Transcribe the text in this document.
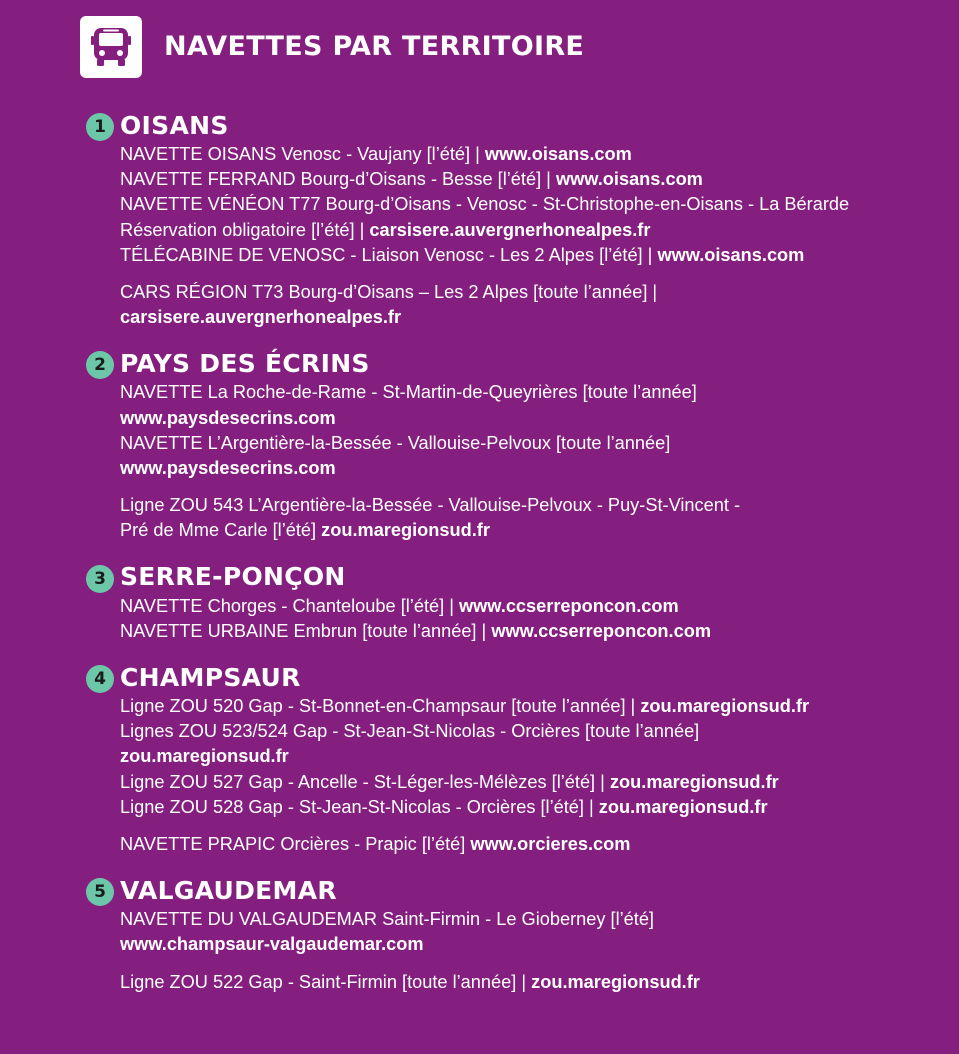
NAVETTES PAR TERRITOIRE
1 OISANS
NAVETTE OISANS Venosc - Vaujany [l’été] | www.oisans.com
NAVETTE FERRAND Bourg-d’Oisans - Besse [l’été] | www.oisans.com
NAVETTE VÉNÉON T77 Bourg-d’Oisans - Venosc - St-Christophe-en-Oisans - La Bérarde
Réservation obligatoire [l’été] | carsisere.auvergnerhonealpes.fr
TÉLÉCABINE DE VENOSC - Liaison Venosc - Les 2 Alpes [l’été] | www.oisans.com
CARS RÉGION T73 Bourg-d’Oisans – Les 2 Alpes [toute l’année] |
carsisere.auvergnerhonealpes.fr
2 PAYS DES ÉCRINS
NAVETTE La Roche-de-Rame - St-Martin-de-Queyrières [toute l’année]
www.paysdesecrins.com
NAVETTE L’Argentière-la-Bessée - Vallouise-Pelvoux [toute l’année]
www.paysdesecrins.com
Ligne ZOU 543 L’Argentière-la-Bessée - Vallouise-Pelvoux - Puy-St-Vincent -
Pré de Mme Carle [l’été] zou.maregionsud.fr
3 SERRE-PONÇON
NAVETTE Chorges - Chanteloube [l’été] | www.ccserreponcon.com
NAVETTE URBAINE Embrun [toute l’année] | www.ccserreponcon.com
4 CHAMPSAUR
Ligne ZOU 520 Gap - St-Bonnet-en-Champsaur [toute l’année] | zou.maregionsud.fr
Lignes ZOU 523/524 Gap - St-Jean-St-Nicolas - Orcières [toute l’année]
zou.maregionsud.fr
Ligne ZOU 527 Gap - Ancelle - St-Léger-les-Mélèzes [l’été] | zou.maregionsud.fr
Ligne ZOU 528 Gap - St-Jean-St-Nicolas - Orcières [l’été] | zou.maregionsud.fr
NAVETTE PRAPIC Orcières - Prapic [l’été] www.orcieres.com
5 VALGAUDEMAR
NAVETTE DU VALGAUDEMAR Saint-Firmin - Le Gioberney [l’été]
www.champsaur-valgaudemar.com
Ligne ZOU 522 Gap - Saint-Firmin [toute l’année] | zou.maregionsud.fr
